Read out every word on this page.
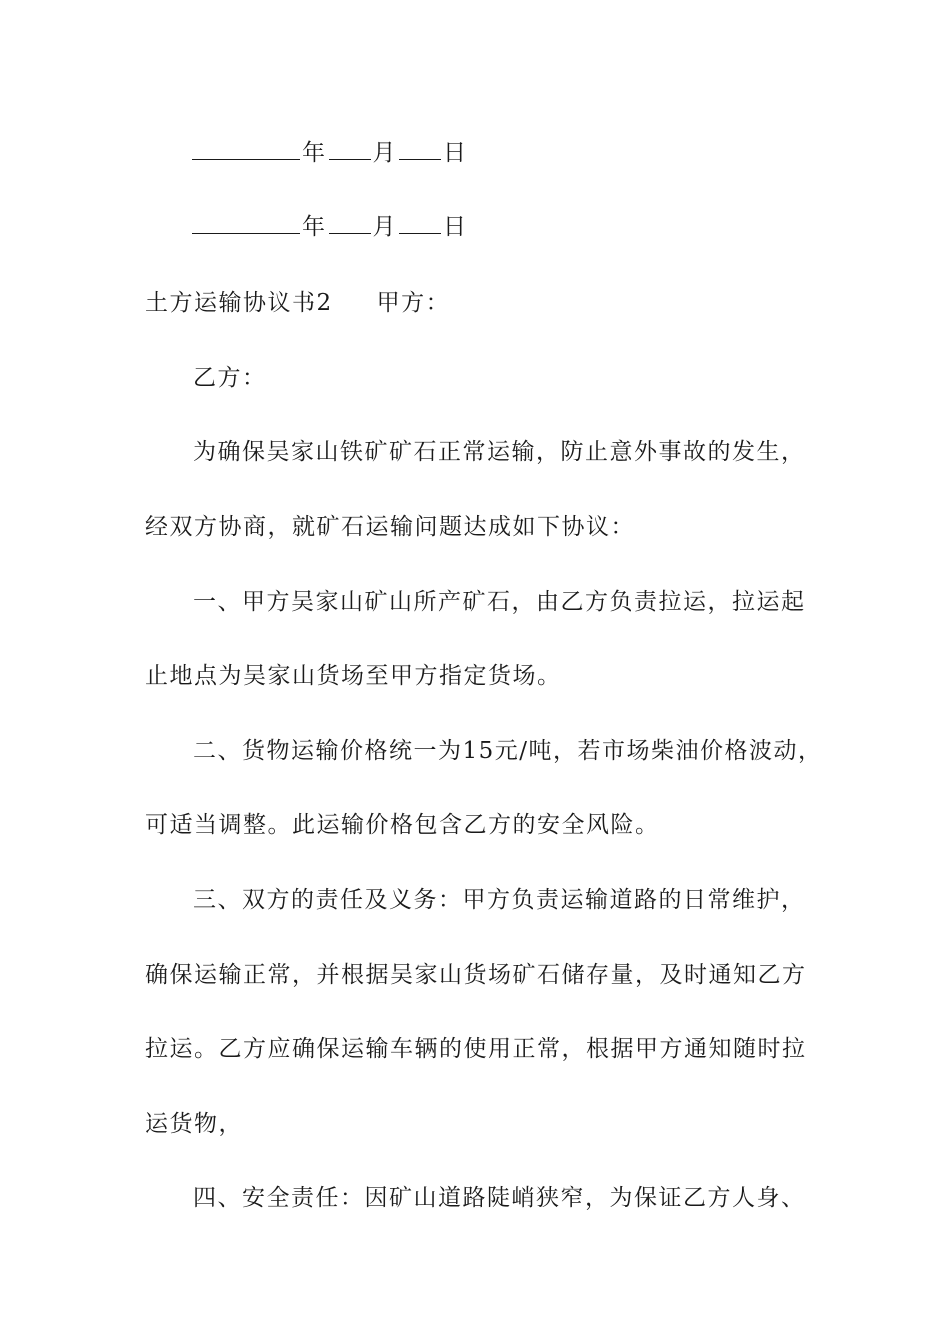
年 月 日
年 月 日
土方运输协议书2 甲方：
乙方：
为确保吴家山铁矿矿石正常运输，防止意外事故的发生，
经双方协商，就矿石运输问题达成如下协议：
一、甲方吴家山矿山所产矿石，由乙方负责拉运，拉运起
止地点为吴家山货场至甲方指定货场。
二、货物运输价格统一为15元/吨，若市场柴油价格波动，
可适当调整。此运输价格包含乙方的安全风险。
三、双方的责任及义务：甲方负责运输道路的日常维护，
确保运输正常，并根据吴家山货场矿石储存量，及时通知乙方
拉运。乙方应确保运输车辆的使用正常，根据甲方通知随时拉
运货物，
四、安全责任：因矿山道路陡峭狭窄，为保证乙方人身、
